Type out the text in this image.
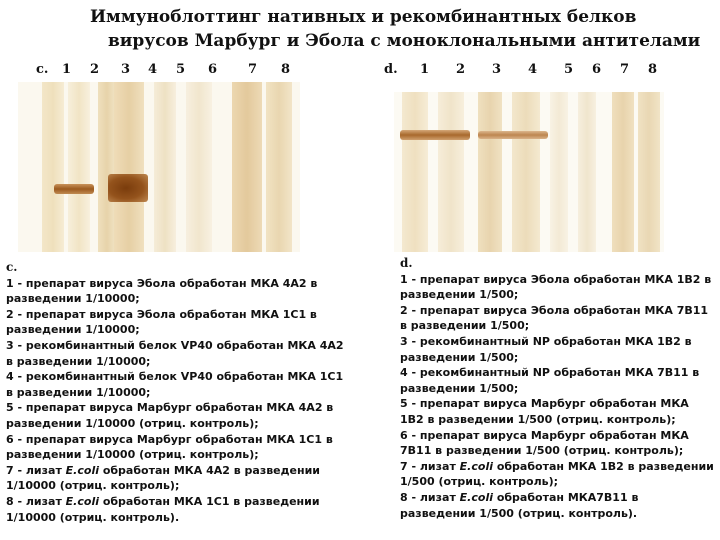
Иммуноблоттинг нативных и рекомбинантных белков
вирусов Марбург и Эбола с моноклональными антителами
c. 1 2 3 4 5 6 7 8	d. 1 2 3 4 5 6 7 8
c.
1 - препарат вируса Эбола обработан МКА 4А2 в разведении 1/10000;
2 - препарат вируса Эбола обработан МКА 1С1 в разведении 1/10000;
3 - рекомбинантный белок VP40 обработан МКА 4А2 в разведении 1/10000;
4 - рекомбинантный белок VP40 обработан МКА 1С1 в разведении 1/10000;
5 - препарат вируса Марбург обработан МКА 4А2 в разведении 1/10000 (отриц. контроль);
6 - препарат вируса Марбург обработан МКА 1С1 в разведении 1/10000 (отриц. контроль);
7 - лизат E.coli обработан МКА 4А2 в разведении 1/10000 (отриц. контроль);
8 - лизат E.coli обработан МКА 1С1 в разведении 1/10000 (отриц. контроль).
d.
1 - препарат вируса Эбола обработан МКА 1В2 в разведении 1/500;
2 - препарат вируса Эбола обработан МКА 7В11 в разведении 1/500;
3 - рекомбинантный NP обработан МКА 1В2 в разведении 1/500;
4 - рекомбинантный NP обработан МКА 7В11 в разведении 1/500;
5 - препарат вируса Марбург обработан МКА 1В2 в разведении 1/500 (отриц. контроль);
6 - препарат вируса Марбург обработан МКА 7В11 в разведении 1/500 (отриц. контроль);
7 - лизат E.coli обработан МКА 1В2 в разведении 1/500 (отриц. контроль);
8 - лизат E.coli обработан МКА7В11 в разведении 1/500 (отриц. контроль).
